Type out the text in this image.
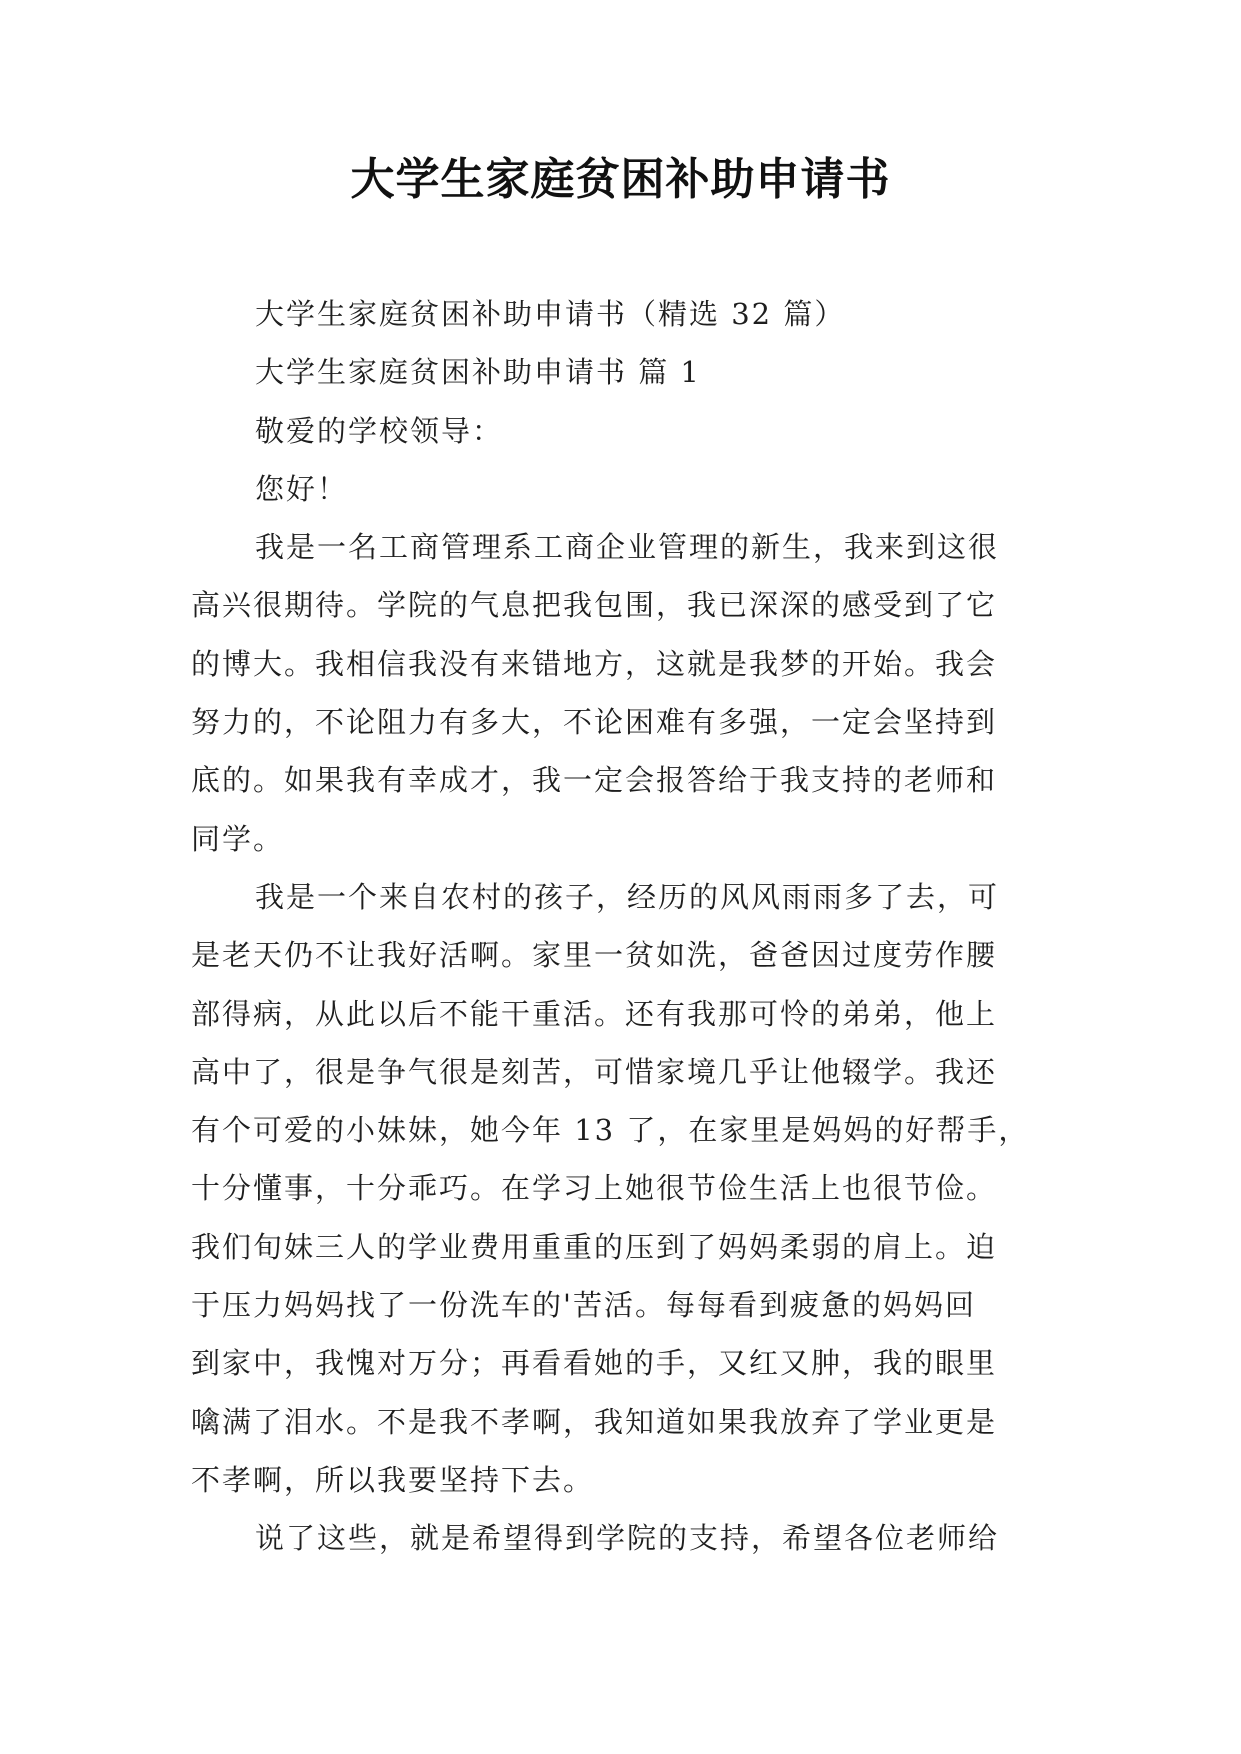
大学生家庭贫困补助申请书
大学生家庭贫困补助申请书（精选 32 篇）
大学生家庭贫困补助申请书 篇 1
敬爱的学校领导：
您好！
我是一名工商管理系工商企业管理的新生，我来到这很
高兴很期待。学院的气息把我包围，我已深深的感受到了它
的博大。我相信我没有来错地方，这就是我梦的开始。我会
努力的，不论阻力有多大，不论困难有多强，一定会坚持到
底的。如果我有幸成才，我一定会报答给于我支持的老师和
同学。
我是一个来自农村的孩子，经历的风风雨雨多了去，可
是老天仍不让我好活啊。家里一贫如洗，爸爸因过度劳作腰
部得病，从此以后不能干重活。还有我那可怜的弟弟，他上
高中了，很是争气很是刻苦，可惜家境几乎让他辍学。我还
有个可爱的小妹妹，她今年 13 了，在家里是妈妈的好帮手，
十分懂事，十分乖巧。在学习上她很节俭生活上也很节俭。
我们旬妹三人的学业费用重重的压到了妈妈柔弱的肩上。迫
于压力妈妈找了一份洗车的'苦活。每每看到疲惫的妈妈回
到家中，我愧对万分；再看看她的手，又红又肿，我的眼里
噙满了泪水。不是我不孝啊，我知道如果我放弃了学业更是
不孝啊，所以我要坚持下去。
说了这些，就是希望得到学院的支持，希望各位老师给
